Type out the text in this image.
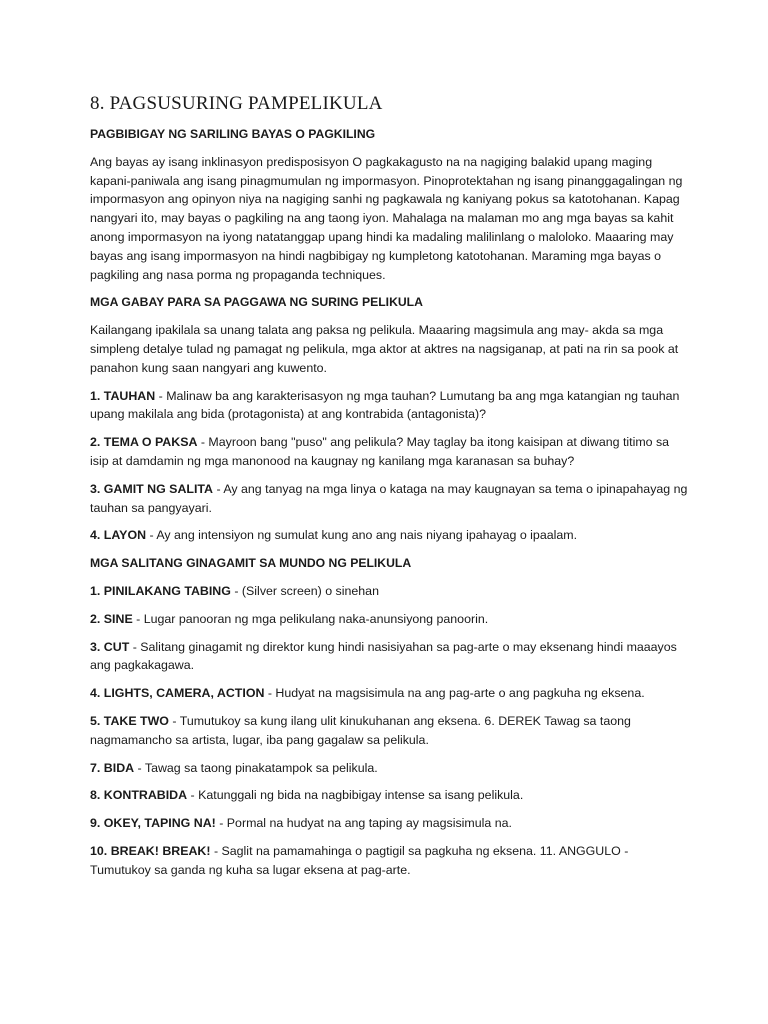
8. PAGSUSURING PAMPELIKULA
PAGBIBIGAY NG SARILING BAYAS O PAGKILING

Ang bayas ay isang inklinasyon predisposisyon O pagkakagusto na na nagiging balakid upang maging kapani-paniwala ang isang pinagmumulan ng impormasyon. Pinoprotektahan ng isang pinanggagalingan ng impormasyon ang opinyon niya na nagiging sanhi ng pagkawala ng kaniyang pokus sa katotohanan. Kapag nangyari ito, may bayas o pagkiling na ang taong iyon. Mahalaga na malaman mo ang mga bayas sa kahit anong impormasyon na iyong natatanggap upang hindi ka madaling malilinlang o maloloko. Maaaring may bayas ang isang impormasyon na hindi nagbibigay ng kumpletong katotohanan. Maraming mga bayas o pagkiling ang nasa porma ng propaganda techniques.

MGA GABAY PARA SA PAGGAWA NG SURING PELIKULA

Kailangang ipakilala sa unang talata ang paksa ng pelikula. Maaaring magsimula ang may- akda sa mga simpleng detalye tulad ng pamagat ng pelikula, mga aktor at aktres na nagsiganap, at pati na rin sa pook at panahon kung saan nangyari ang kuwento.

1. TAUHAN - Malinaw ba ang karakterisasyon ng mga tauhan? Lumutang ba ang mga katangian ng tauhan upang makilala ang bida (protagonista) at ang kontrabida (antagonista)?

2. TEMA O PAKSA - Mayroon bang "puso" ang pelikula? May taglay ba itong kaisipan at diwang titimo sa isip at damdamin ng mga manonood na kaugnay ng kanilang mga karanasan sa buhay?

3. GAMIT NG SALITA - Ay ang tanyag na mga linya o kataga na may kaugnayan sa tema o ipinapahayag ng tauhan sa pangyayari.

4. LAYON - Ay ang intensiyon ng sumulat kung ano ang nais niyang ipahayag o ipaalam.

MGA SALITANG GINAGAMIT SA MUNDO NG PELIKULA

1. PINILAKANG TABING - (Silver screen) o sinehan

2. SINE - Lugar panooran ng mga pelikulang naka-anunsiyong panoorin.

3. CUT - Salitang ginagamit ng direktor kung hindi nasisiyahan sa pag-arte o may eksenang hindi maaayos ang pagkakagawa.

4. LIGHTS, CAMERA, ACTION - Hudyat na magsisimula na ang pag-arte o ang pagkuha ng eksena.

5. TAKE TWO - Tumutukoy sa kung ilang ulit kinukuhanan ang eksena. 6. DEREK Tawag sa taong nagmamancho sa artista, lugar, iba pang gagalaw sa pelikula.

7. BIDA - Tawag sa taong pinakatampok sa pelikula.

8. KONTRABIDA - Katunggali ng bida na nagbibigay intense sa isang pelikula.

9. OKEY, TAPING NA! - Pormal na hudyat na ang taping ay magsisimula na.

10. BREAK! BREAK! - Saglit na pamamahinga o pagtigil sa pagkuha ng eksena. 11. ANGGULO - Tumutukoy sa ganda ng kuha sa lugar eksena at pag-arte.
